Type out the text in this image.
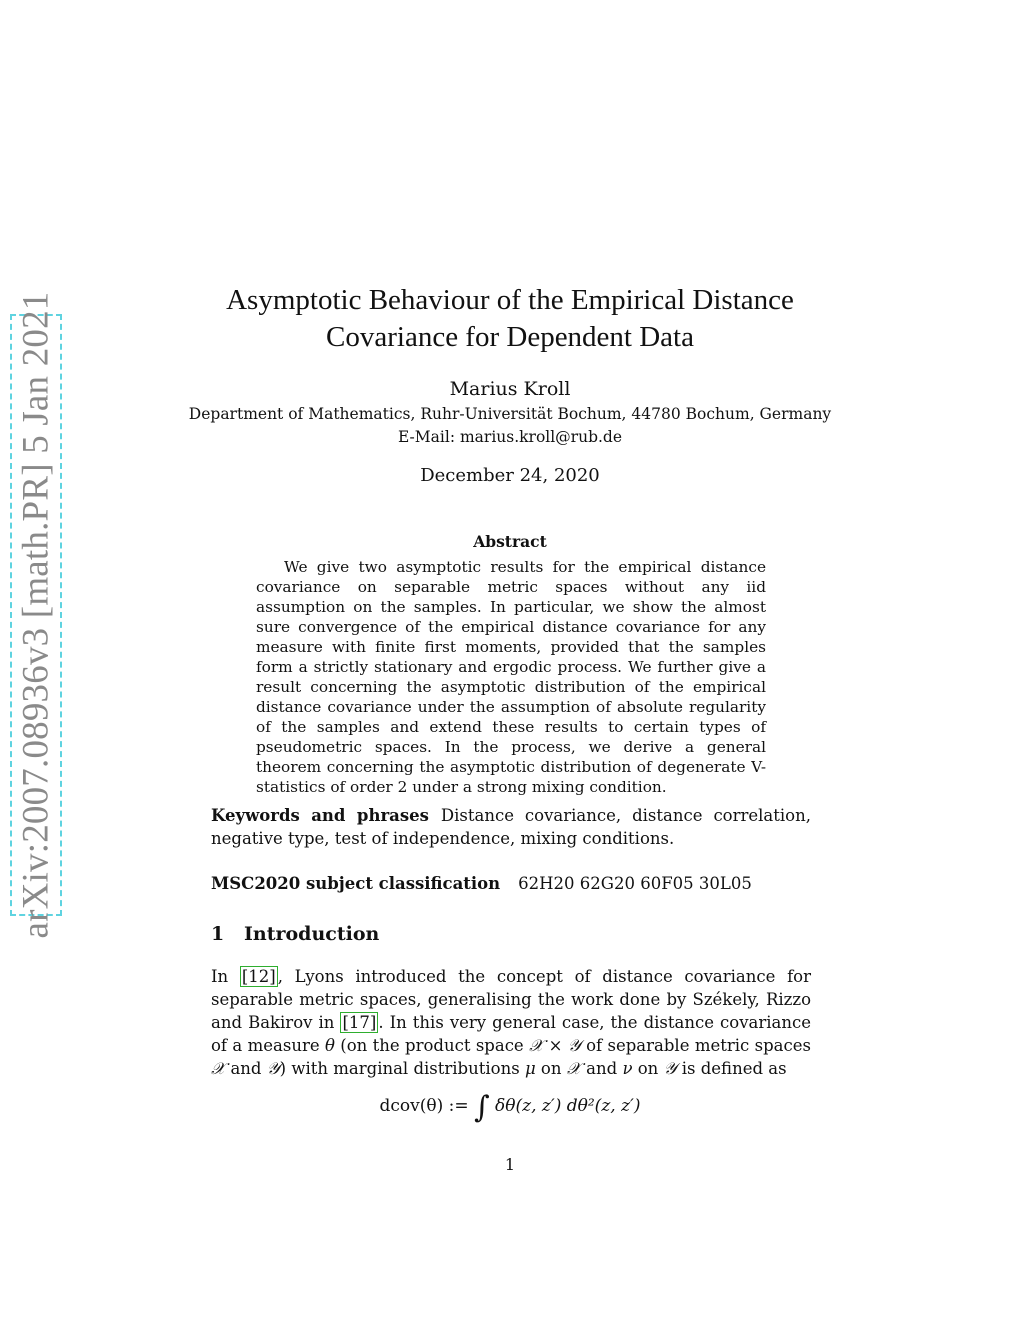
arXiv:2007.08936v3 [math.PR] 5 Jan 2021	Asymptotic Behaviour of the Empirical Distance
Covariance for Dependent Data
Marius Kroll
Department of Mathematics, Ruhr-Universität Bochum, 44780 Bochum, Germany
E-Mail: marius.kroll@rub.de
December 24, 2020
Abstract
We give two asymptotic results for the empirical distance covariance on separable metric spaces without any iid assumption on the samples. In particular, we show the almost sure convergence of the empirical distance covariance for any measure with finite first moments, provided that the samples form a strictly stationary and ergodic process. We further give a result concerning the asymptotic distribution of the empirical distance covariance under the assumption of absolute regularity of the samples and extend these results to certain types of pseudometric spaces. In the process, we derive a general theorem concerning the asymptotic distribution of degenerate V-statistics of order 2 under a strong mixing condition.
Keywords and phrases Distance covariance, distance correlation, negative type, test of independence, mixing conditions.
MSC2020 subject classification 62H20 62G20 60F05 30L05
1 Introduction
In [12] , Lyons introduced the concept of distance covariance for separable metric spaces, generalising the work done by Székely, Rizzo and Bakirov in [17] . In this very general case, the distance covariance of a measure θ (on the product space 𝒳 × 𝒴 of separable metric spaces 𝒳 and 𝒴) with marginal distributions μ on 𝒳 and ν on 𝒴 is defined as
dcov(θ) := ∫ δθ(z, z′) dθ²(z, z′)
1
